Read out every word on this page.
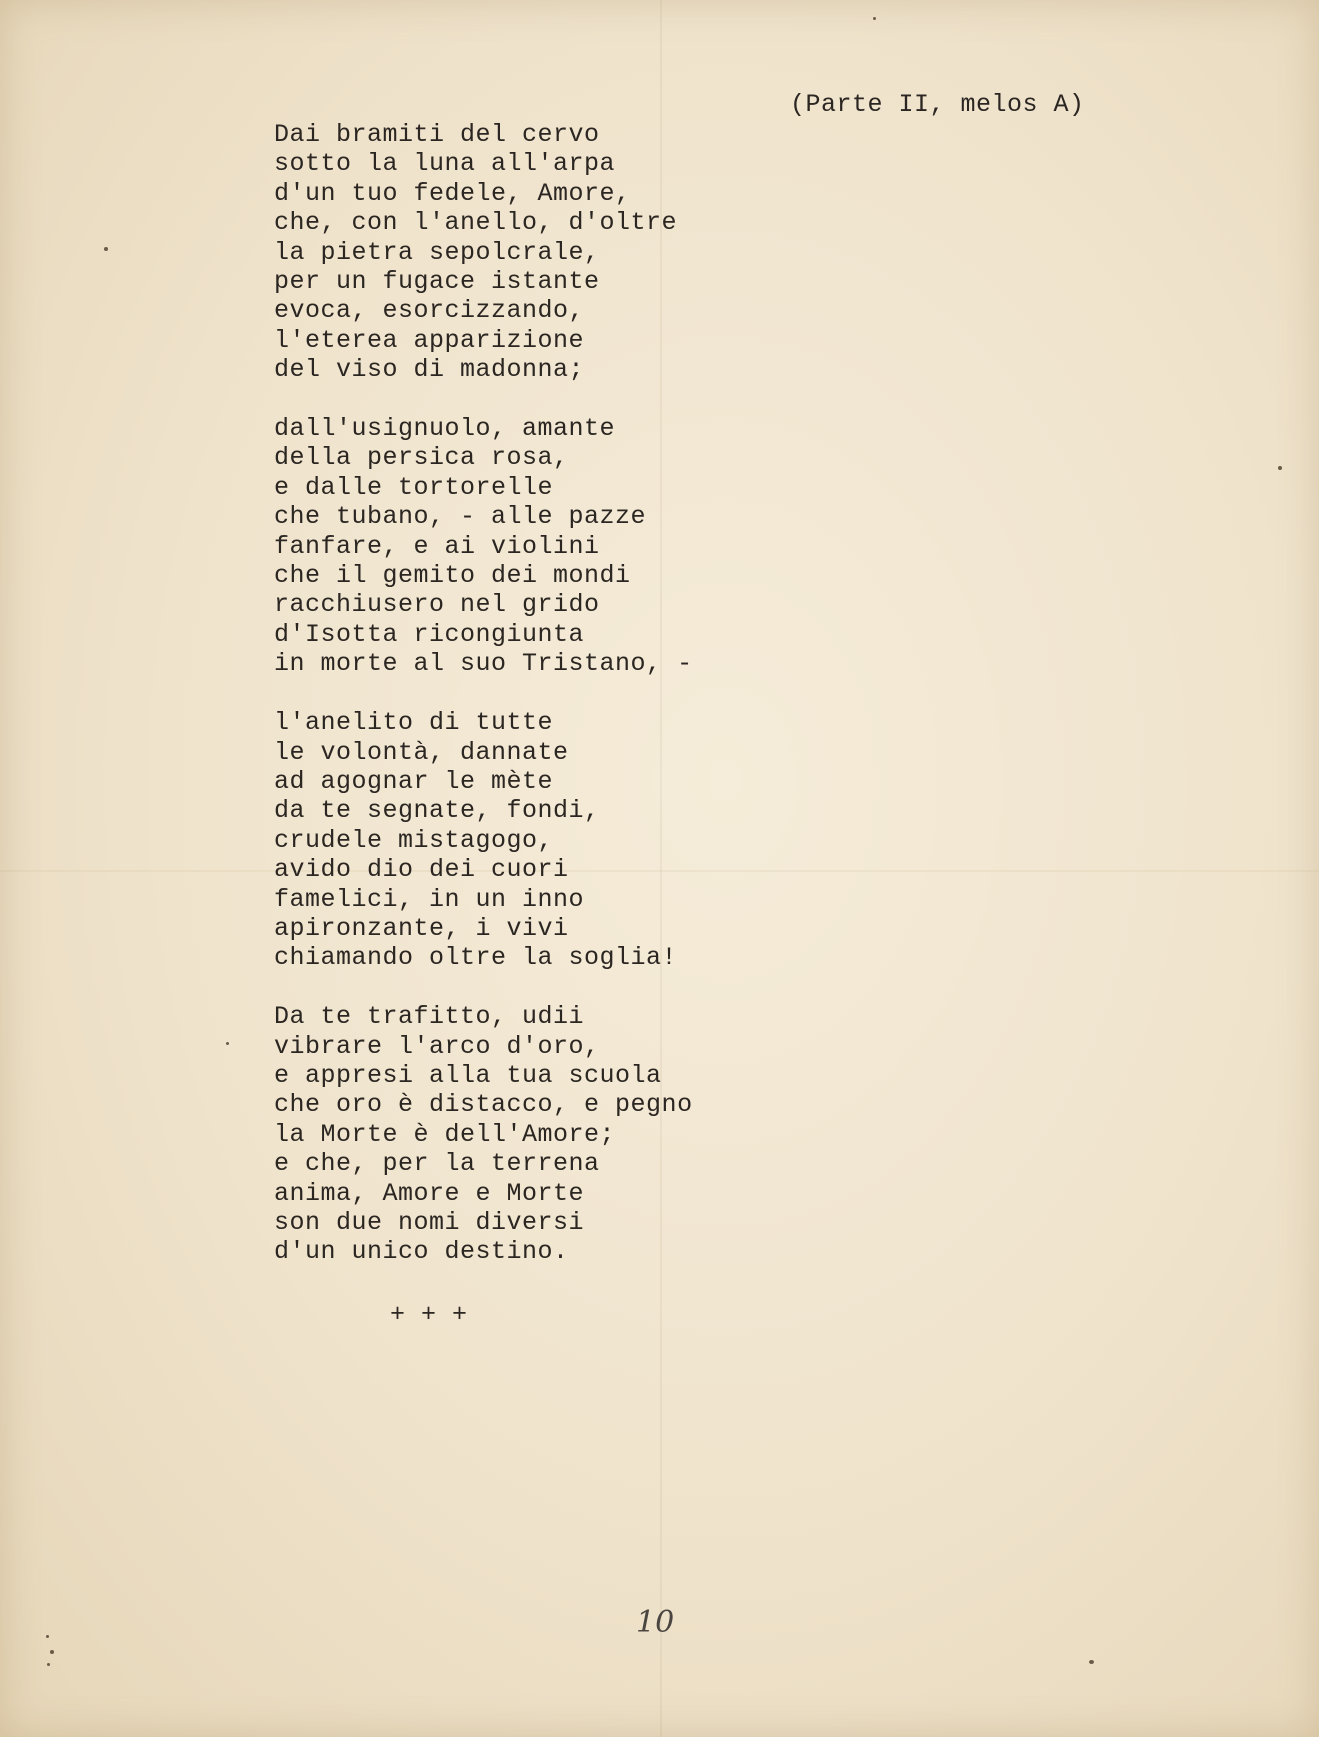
(Parte II, melos A)
Dai bramiti del cervo
sotto la luna all'arpa
d'un tuo fedele, Amore,
che, con l'anello, d'oltre
la pietra sepolcrale,
per un fugace istante
evoca, esorcizzando,
l'eterea apparizione
del viso di madonna;
dall'usignuolo, amante
della persica rosa,
e dalle tortorelle
che tubano, - alle pazze
fanfare, e ai violini
che il gemito dei mondi
racchiusero nel grido
d'Isotta ricongiunta
in morte al suo Tristano, -
l'anelito di tutte
le volontà, dannate
ad agognar le mète
da te segnate, fondi,
crudele mistagogo,
avido dio dei cuori
famelici, in un inno
apironzante, i vivi
chiamando oltre la soglia!
Da te trafitto, udii
vibrare l'arco d'oro,
e appresi alla tua scuola
che oro è distacco, e pegno
la Morte è dell'Amore;
e che, per la terrena
anima, Amore e Morte
son due nomi diversi
d'un unico destino.
+ + +
10
